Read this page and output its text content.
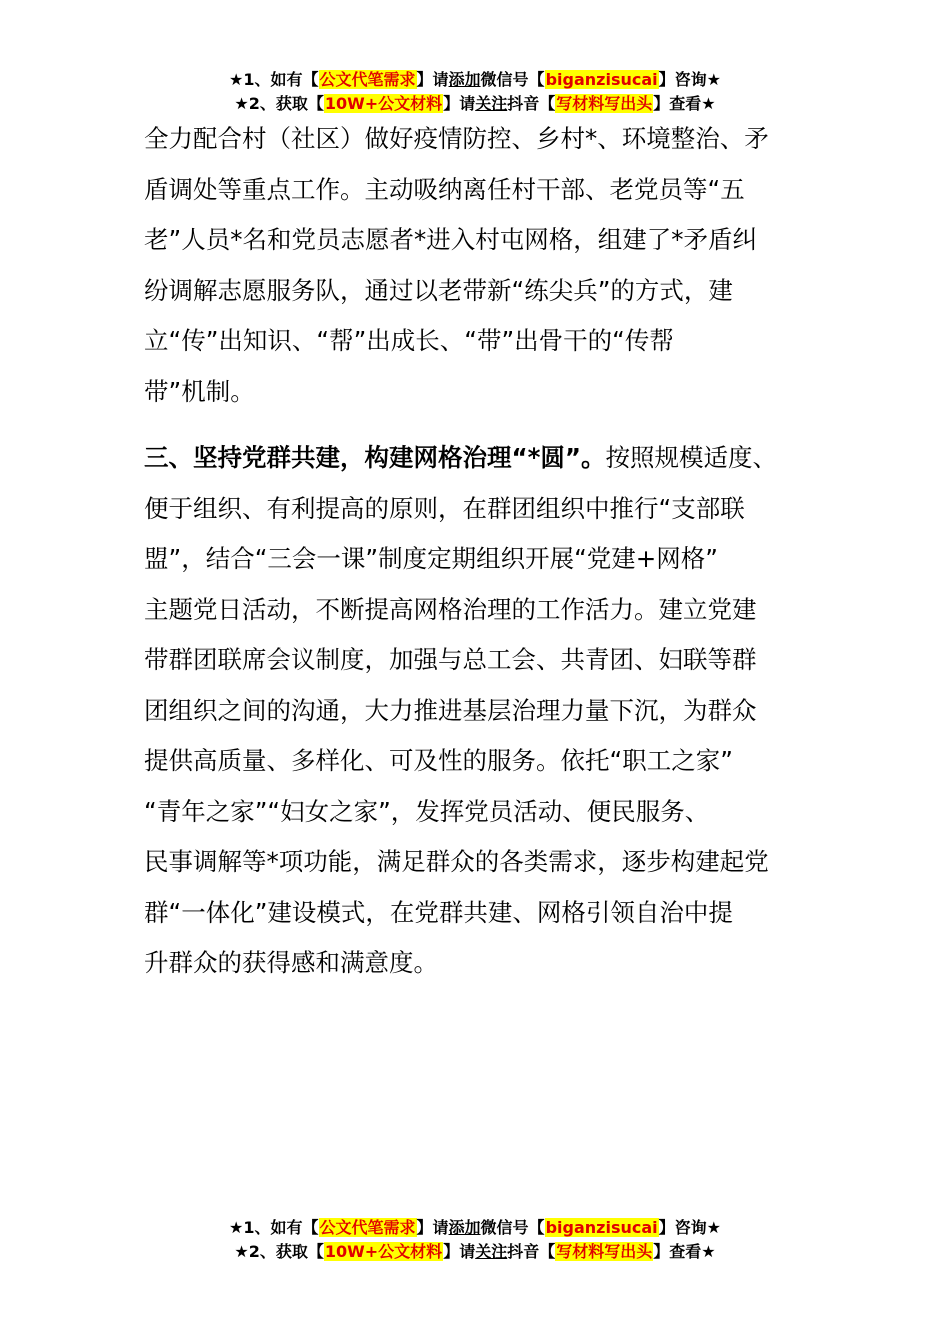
★1、如有【公文代笔需求】请添加微信号【biganzisucai】咨询★
★2、获取【10W+公文材料】请关注抖音【写材料写出头】查看★

全力配合村（社区）做好疫情防控、乡村*、环境整治、矛
盾调处等重点工作。主动吸纳离任村干部、老党员等“五
老”人员*名和党员志愿者*进入村屯网格，组建了*矛盾纠
纷调解志愿服务队，通过以老带新“练尖兵”的方式，建
立“传”出知识、“帮”出成长、“带”出骨干的“传帮
带”机制。

三、坚持党群共建，构建网格治理“*圆”。按照规模适度、
便于组织、有利提高的原则，在群团组织中推行“支部联
盟”，结合“三会一课”制度定期组织开展“党建+网格”
主题党日活动，不断提高网格治理的工作活力。建立党建
带群团联席会议制度，加强与总工会、共青团、妇联等群
团组织之间的沟通，大力推进基层治理力量下沉，为群众
提供高质量、多样化、可及性的服务。依托“职工之家”
“青年之家”“妇女之家”，发挥党员活动、便民服务、
民事调解等*项功能，满足群众的各类需求，逐步构建起党
群“一体化”建设模式，在党群共建、网格引领自治中提
升群众的获得感和满意度。

★1、如有【公文代笔需求】请添加微信号【biganzisucai】咨询★
★2、获取【10W+公文材料】请关注抖音【写材料写出头】查看★
